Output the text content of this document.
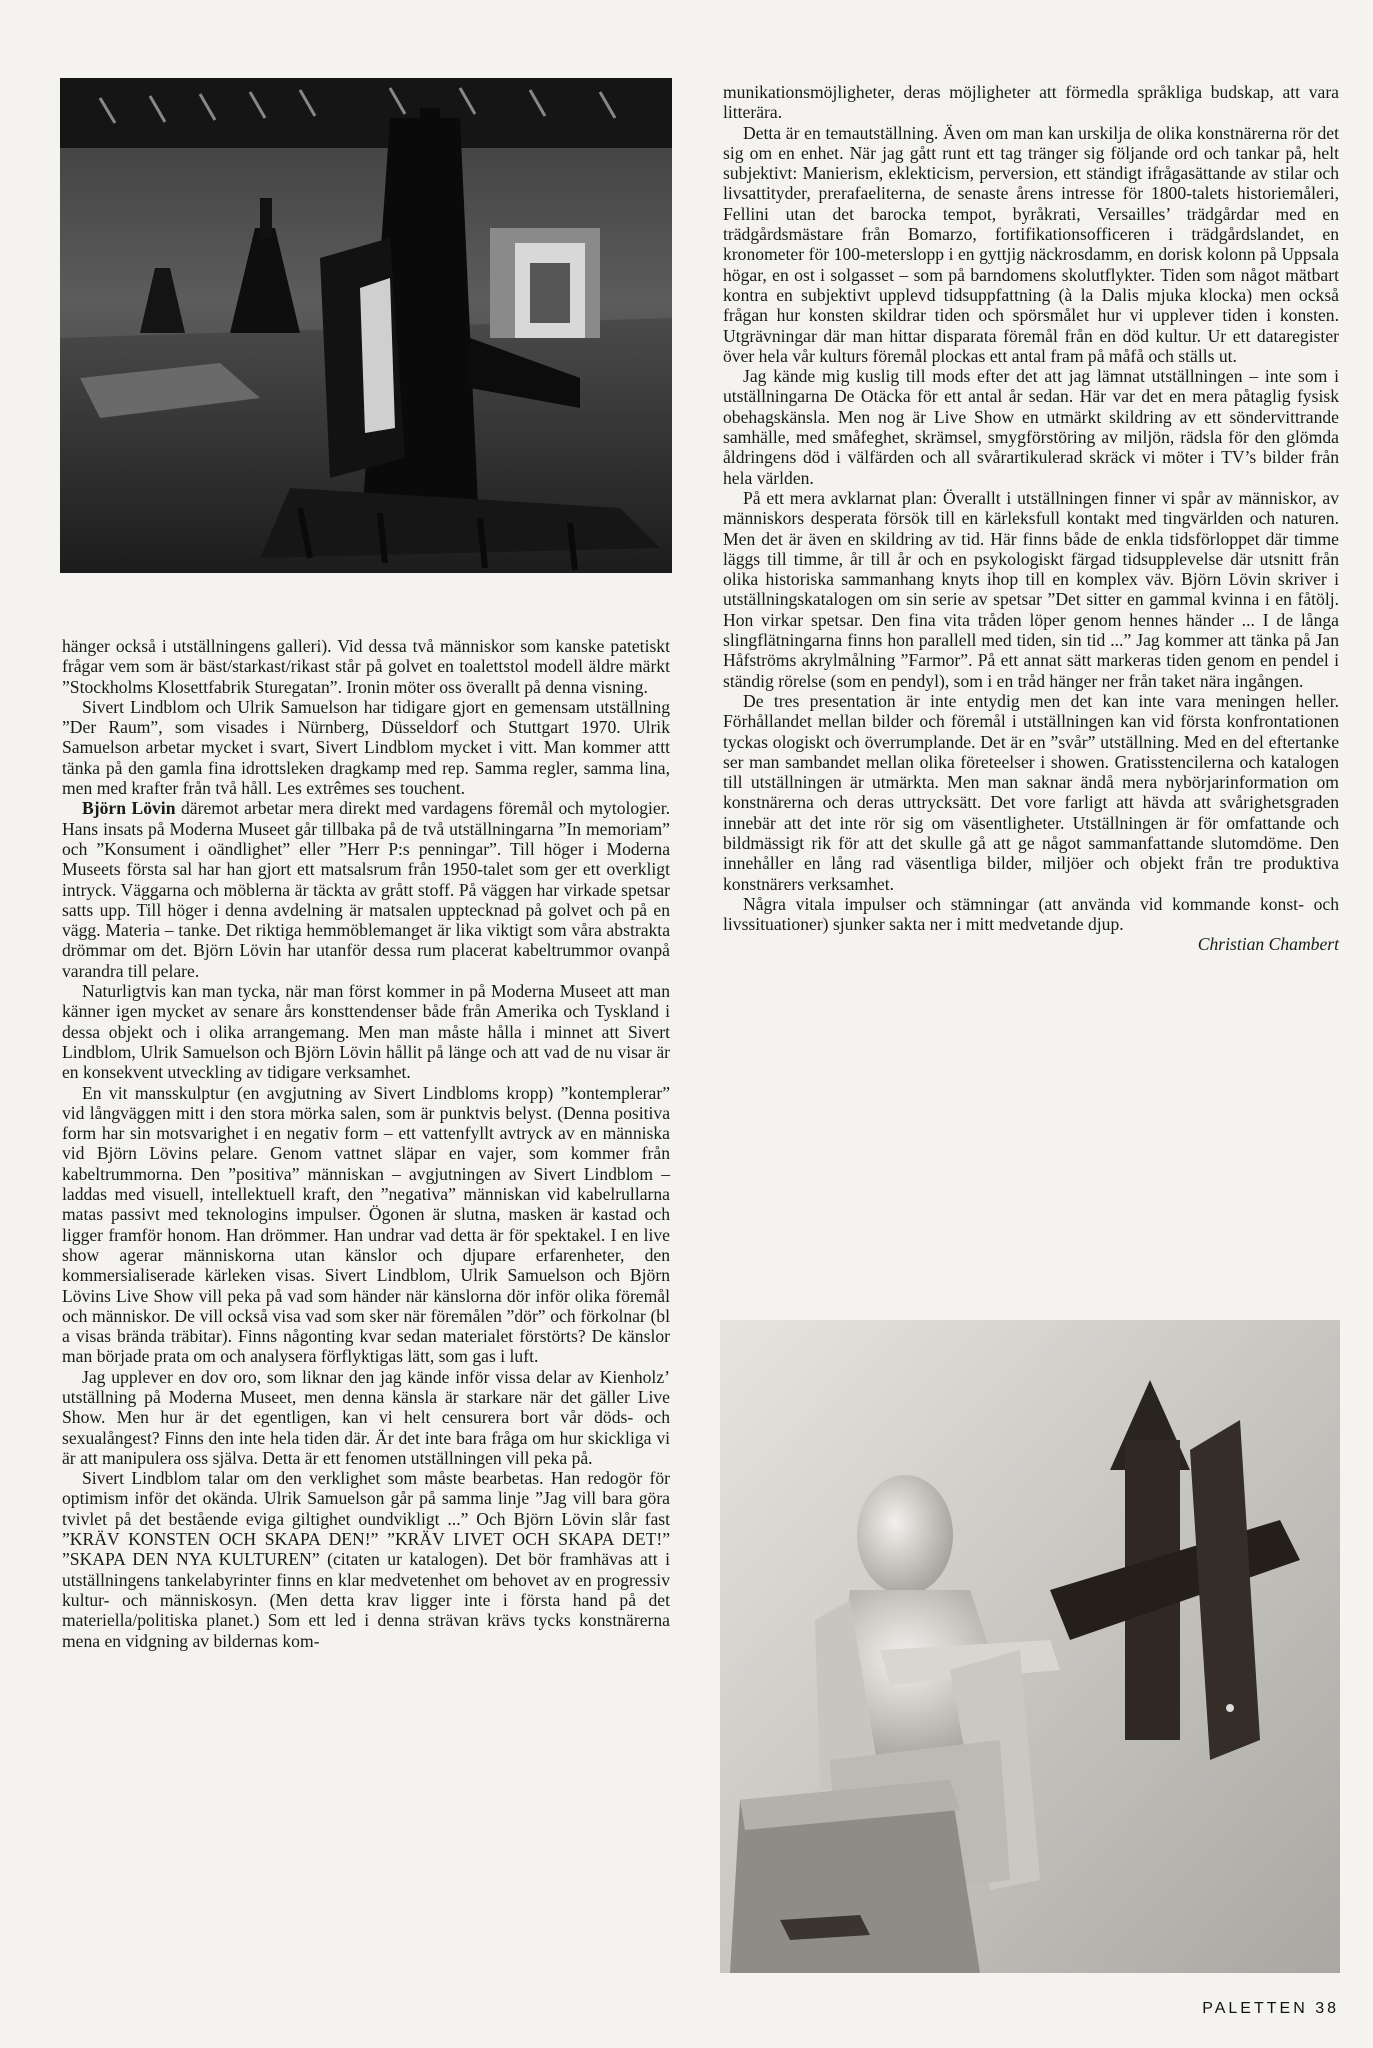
hänger också i utställningens galleri). Vid dessa två människor som kanske patetiskt frågar vem som är bäst/starkast/rikast står på golvet en toalettstol modell äldre märkt ”Stockholms Klosettfabrik Sturegatan”. Ironin möter oss överallt på denna visning.

Sivert Lindblom och Ulrik Samuelson har tidigare gjort en gemensam utställning ”Der Raum”, som visades i Nürnberg, Düsseldorf och Stuttgart 1970. Ulrik Samuelson arbetar mycket i svart, Sivert Lindblom mycket i vitt. Man kommer attt tänka på den gamla fina idrottsleken dragkamp med rep. Samma regler, samma lina, men med krafter från två håll. Les extrêmes ses touchent.

Björn Lövin däremot arbetar mera direkt med vardagens föremål och mytologier. Hans insats på Moderna Museet går tillbaka på de två utställningarna ”In memoriam” och ”Konsument i oändlighet” eller ”Herr P:s penningar”. Till höger i Moderna Museets första sal har han gjort ett matsalsrum från 1950-talet som ger ett overkligt intryck. Väggarna och möblerna är täckta av grått stoff. På väggen har virkade spetsar satts upp. Till höger i denna avdelning är matsalen upptecknad på golvet och på en vägg. Materia – tanke. Det riktiga hemmöblemanget är lika viktigt som våra abstrakta drömmar om det. Björn Lövin har utanför dessa rum placerat kabeltrummor ovanpå varandra till pelare.

Naturligtvis kan man tycka, när man först kommer in på Moderna Museet att man känner igen mycket av senare års konsttendenser både från Amerika och Tyskland i dessa objekt och i olika arrangemang. Men man måste hålla i minnet att Sivert Lindblom, Ulrik Samuelson och Björn Lövin hållit på länge och att vad de nu visar är en konsekvent utveckling av tidigare verksamhet.

En vit mansskulptur (en avgjutning av Sivert Lindbloms kropp) ”kontemplerar” vid långväggen mitt i den stora mörka salen, som är punktvis belyst. (Denna positiva form har sin motsvarighet i en negativ form – ett vattenfyllt avtryck av en människa vid Björn Lövins pelare. Genom vattnet släpar en vajer, som kommer från kabeltrummorna. Den ”positiva” människan – avgjutningen av Sivert Lindblom – laddas med visuell, intellektuell kraft, den ”negativa” människan vid kabelrullarna matas passivt med teknologins impulser. Ögonen är slutna, masken är kastad och ligger framför honom. Han drömmer. Han undrar vad detta är för spektakel. I en live show agerar människorna utan känslor och djupare erfarenheter, den kommersialiserade kärleken visas. Sivert Lindblom, Ulrik Samuelson och Björn Lövins Live Show vill peka på vad som händer när känslorna dör inför olika föremål och människor. De vill också visa vad som sker när föremålen ”dör” och förkolnar (bl a visas brända träbitar). Finns någonting kvar sedan materialet förstörts? De känslor man började prata om och analysera förflyktigas lätt, som gas i luft.

Jag upplever en dov oro, som liknar den jag kände inför vissa delar av Kienholz’ utställning på Moderna Museet, men denna känsla är starkare när det gäller Live Show. Men hur är det egentligen, kan vi helt censurera bort vår döds- och sexualångest? Finns den inte hela tiden där. Är det inte bara fråga om hur skickliga vi är att manipulera oss själva. Detta är ett fenomen utställningen vill peka på.

Sivert Lindblom talar om den verklighet som måste bearbetas. Han redogör för optimism inför det okända. Ulrik Samuelson går på samma linje ”Jag vill bara göra tvivlet på det bestående evigа giltighet oundvikligt ...” Och Björn Lövin slår fast ”KRÄV KONSTEN OCH SKAPA DEN!” ”KRÄV LIVET OCH SKAPA DET!” ”SKAPA DEN NYA KULTUREN” (citaten ur katalogen). Det bör framhävas att i utställningens tankelabyrinter finns en klar medvetenhet om behovet av en progressiv kultur- och människosyn. (Men detta krav ligger inte i första hand på det materiella/politiska planet.) Som ett led i denna strävan krävs tycks konstnärerna mena en vidgning av bildernas kom-

munikationsmöjligheter, deras möjligheter att förmedla språkliga budskap, att vara litterära.

Detta är en temautställning. Även om man kan urskilja de olika konstnärerna rör det sig om en enhet. När jag gått runt ett tag tränger sig följande ord och tankar på, helt subjektivt: Manierism, eklekticism, perversion, ett ständigt ifrågasättande av stilar och livsattityder, prerafaeliterna, de senaste årens intresse för 1800-talets historiemåleri, Fellini utan det barocka tempot, byråkrati, Versailles’ trädgårdar med en trädgårdsmästare från Bomarzo, fortifikationsofficeren i trädgårdslandet, en kronometer för 100-meterslopp i en gyttjig näckrosdamm, en dorisk kolonn på Uppsala högar, en ost i solgasset – som på barndomens skolutflykter. Tiden som något mätbart kontra en subjektivt upplevd tidsuppfattning (à la Dalis mjuka klocka) men också frågan hur konsten skildrar tiden och spörsmålet hur vi upplever tiden i konsten. Utgrävningar där man hittar disparata föremål från en död kultur. Ur ett dataregister över hela vår kulturs föremål plockas ett antal fram på måfå och ställs ut.

Jag kände mig kuslig till mods efter det att jag lämnat utställningen – inte som i utställningarna De Otäcka för ett antal år sedan. Här var det en mera påtaglig fysisk obehagskänsla. Men nog är Live Show en utmärkt skildring av ett söndervittrande samhälle, med småfeghet, skrämsel, smygförstöring av miljön, rädsla för den glömda åldringens död i välfärden och all svårartikulerad skräck vi möter i TV’s bilder från hela världen.

På ett mera avklarnat plan: Överallt i utställningen finner vi spår av människor, av människors desperata försök till en kärleksfull kontakt med tingvärlden och naturen. Men det är även en skildring av tid. Här finns både de enkla tidsförloppet där timme läggs till timme, år till år och en psykologiskt färgad tidsupplevelse där utsnitt från olika historiska sammanhang knyts ihop till en komplex väv. Björn Lövin skriver i utställningskatalogen om sin serie av spetsar ”Det sitter en gammal kvinna i en fåtölj. Hon virkar spetsar. Den fina vita tråden löper genom hennes händer ... I de långa slingflätningarna finns hon parallell med tiden, sin tid ...” Jag kommer att tänka på Jan Håfströms akrylmålning ”Farmor”. På ett annat sätt markeras tiden genom en pendel i ständig rörelse (som en pendyl), som i en tråd hänger ner från taket nära ingången.

De tres presentation är inte entydig men det kan inte vara meningen heller. Förhållandet mellan bilder och föremål i utställningen kan vid första konfrontationen tyckas ologiskt och överrumplande. Det är en ”svår” utställning. Med en del eftertanke ser man sambandet mellan olika företeelser i showen. Gratisstencilerna och katalogen till utställningen är utmärkta. Men man saknar ändå mera nybörjarinformation om konstnärerna och deras uttrycksätt. Det vore farligt att hävda att svårighetsgraden innebär att det inte rör sig om väsentligheter. Utställningen är för omfattande och bildmässigt rik för att det skulle gå att ge något sammanfattande slutomdöme. Den innehåller en lång rad väsentliga bilder, miljöer och objekt från tre produktiva konstnärers verksamhet.

Några vitala impulser och stämningar (att använda vid kommande konst- och livssituationer) sjunker sakta ner i mitt medvetande djup.

Christian Chambert

PALETTEN 38
